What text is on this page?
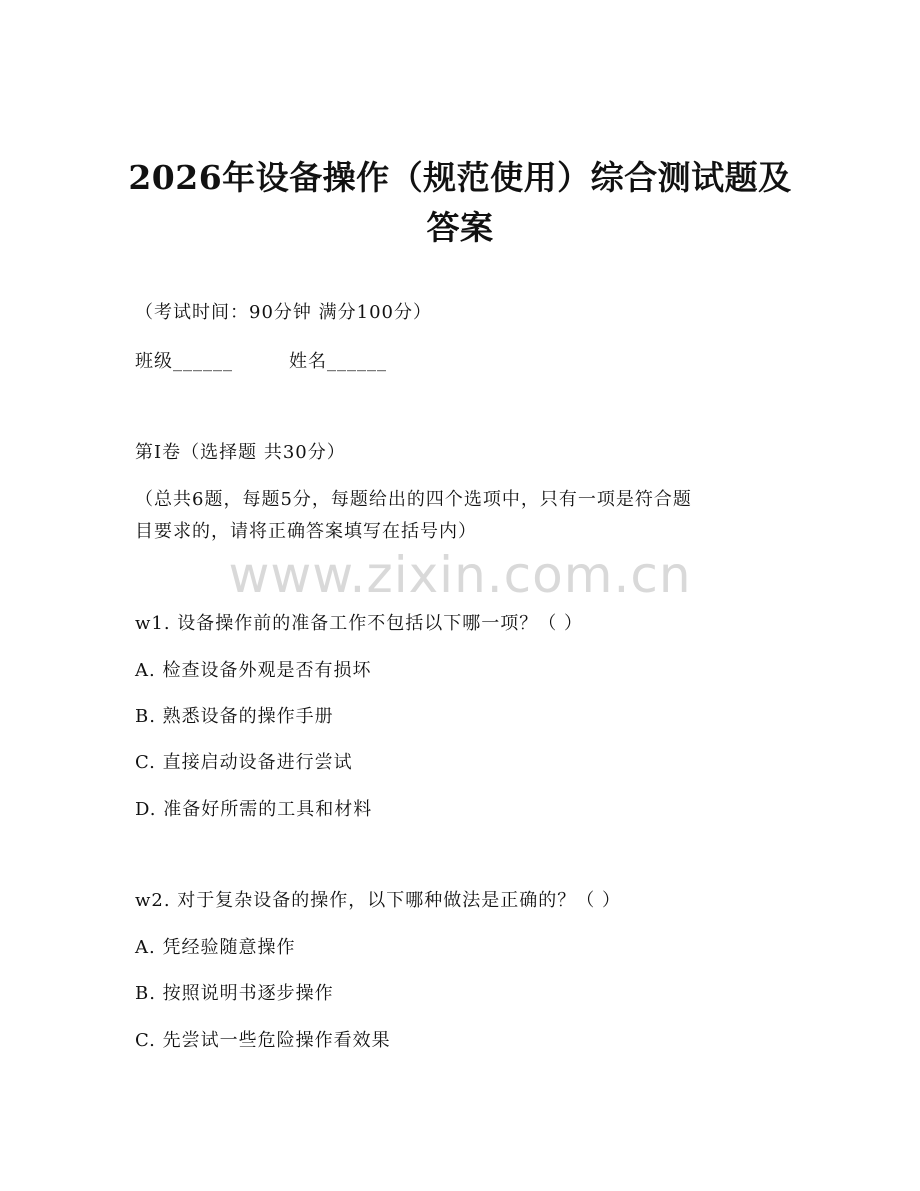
2026年设备操作（规范使用）综合测试题及
答案
（考试时间：90分钟 满分100分）
班级______	姓名______
第I卷（选择题 共30分）
（总共6题，每题5分，每题给出的四个选项中，只有一项是符合题
目要求的，请将正确答案填写在括号内）
www.zixin.com.cn
w1. 设备操作前的准备工作不包括以下哪一项？（ ）
A. 检查设备外观是否有损坏
B. 熟悉设备的操作手册
C. 直接启动设备进行尝试
D. 准备好所需的工具和材料
w2. 对于复杂设备的操作，以下哪种做法是正确的？（ ）
A. 凭经验随意操作
B. 按照说明书逐步操作
C. 先尝试一些危险操作看效果
